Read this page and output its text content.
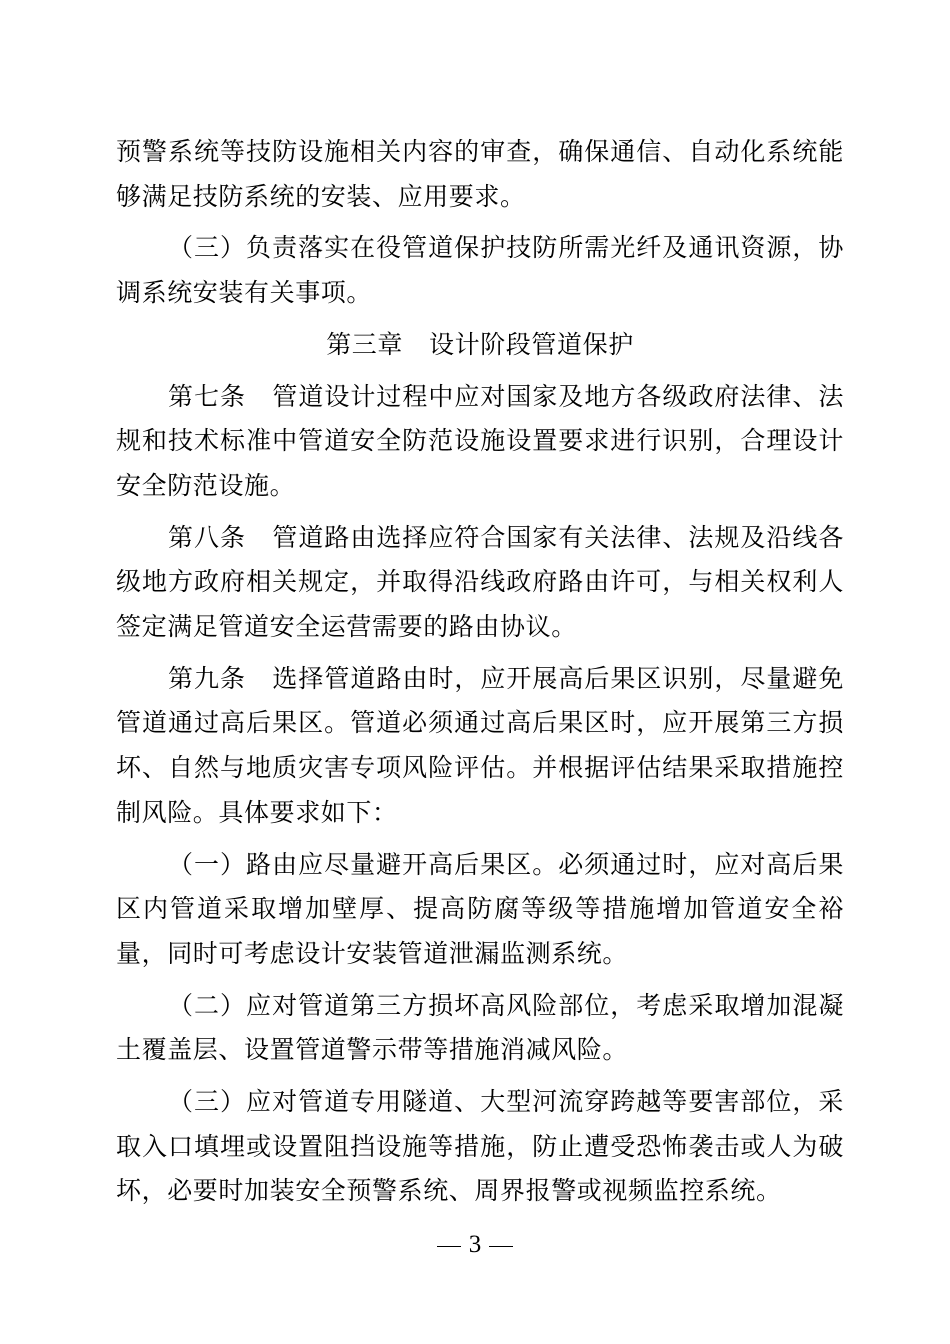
预警系统等技防设施相关内容的审查，确保通信、自动化系统能够满足技防系统的安装、应用要求。

（三）负责落实在役管道保护技防所需光纤及通讯资源，协调系统安装有关事项。

第三章 设计阶段管道保护

第七条 管道设计过程中应对国家及地方各级政府法律、法规和技术标准中管道安全防范设施设置要求进行识别，合理设计安全防范设施。

第八条 管道路由选择应符合国家有关法律、法规及沿线各级地方政府相关规定，并取得沿线政府路由许可，与相关权利人签定满足管道安全运营需要的路由协议。

第九条 选择管道路由时，应开展高后果区识别，尽量避免管道通过高后果区。管道必须通过高后果区时，应开展第三方损坏、自然与地质灾害专项风险评估。并根据评估结果采取措施控制风险。具体要求如下：

（一）路由应尽量避开高后果区。必须通过时，应对高后果区内管道采取增加壁厚、提高防腐等级等措施增加管道安全裕量，同时可考虑设计安装管道泄漏监测系统。

（二）应对管道第三方损坏高风险部位，考虑采取增加混凝土覆盖层、设置管道警示带等措施消减风险。

（三）应对管道专用隧道、大型河流穿跨越等要害部位，采取入口填埋或设置阻挡设施等措施，防止遭受恐怖袭击或人为破坏，必要时加装安全预警系统、周界报警或视频监控系统。

3
